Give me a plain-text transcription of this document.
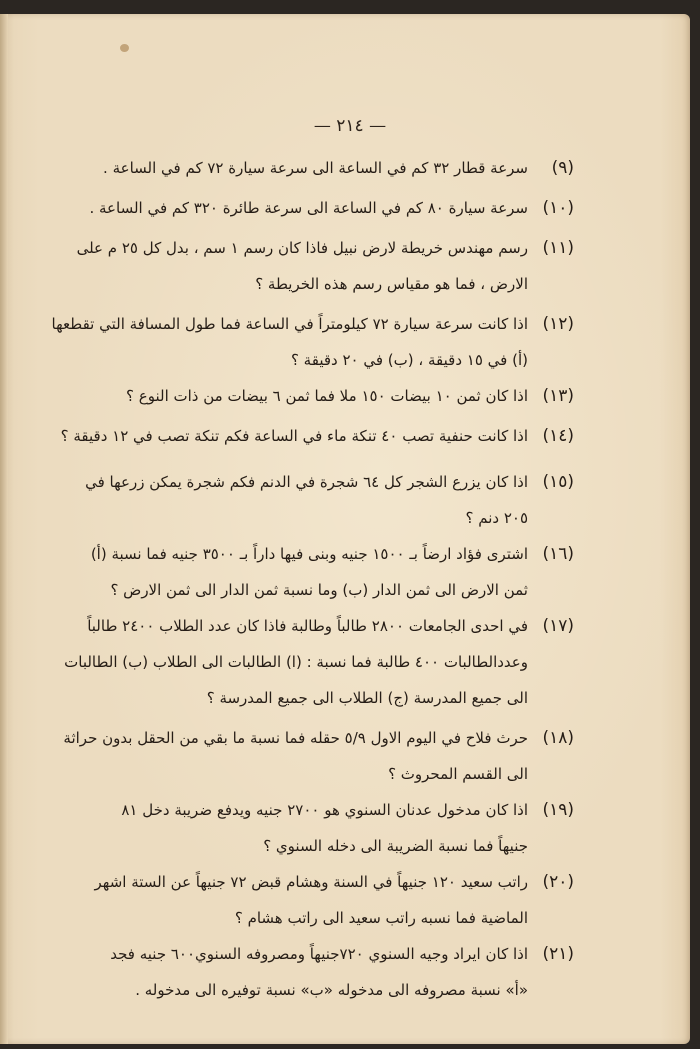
— ٢١٤ —
(٩)
سرعة قطار ٣٢ كم في الساعة الى سرعة سيارة ٧٢ كم في الساعة .
(١٠)
سرعة سيارة ٨٠ كم في الساعة الى سرعة طائرة ٣٢٠ كم في الساعة .
(١١)
رسم مهندس خريطة لارض نبيل فاذا كان رسم ١ سم ، بدل كل ٢٥ م على
الارض ، فما هو مقياس رسم هذه الخريطة ؟
(١٢)
اذا كانت سرعة سيارة ٧٢ كيلومتراً في الساعة فما طول المسافة التي تقطعها
(أ) في ١٥ دقيقة ، (ب) في ٢٠ دقيقة ؟
(١٣)
اذا كان ثمن ١٠ بيضات ١٥٠ ملا فما ثمن ٦ بيضات من ذات النوع ؟
(١٤)
اذا كانت حنفية تصب ٤٠ تنكة ماء في الساعة فكم تنكة تصب في ١٢ دقيقة ؟
(١٥)
اذا كان يزرع الشجر كل ٦٤ شجرة في الدنم فكم شجرة يمكن زرعها في
٢٠٥ دنم ؟
(١٦)
اشترى فؤاد ارضاً بـ ١٥٠٠ جنيه وبنى فيها داراً بـ ٣٥٠٠ جنيه فما نسبة (أ)
ثمن الارض الى ثمن الدار (ب) وما نسبة ثمن الدار الى ثمن الارض ؟
(١٧)
في احدى الجامعات ٢٨٠٠ طالباً وطالبة فاذا كان عدد الطلاب ٢٤٠٠ طالباً
وعددالطالبات ٤٠٠ طالبة فما نسبة : (ا) الطالبات الى الطلاب (ب) الطالبات
الى جميع المدرسة (ج) الطلاب الى جميع المدرسة ؟
(١٨)
حرث فلاح في اليوم الاول ٥/٩ حقله فما نسبة ما بقي من الحقل بدون حراثة
الى القسم المحروث ؟
(١٩)
اذا كان مدخول عدنان السنوي هو ٢٧٠٠ جنيه ويدفع ضريبة دخل ٨١
جنيهاً فما نسبة الضريبة الى دخله السنوي ؟
(٢٠)
راتب سعيد ١٢٠ جنيهاً في السنة وهشام قبض ٧٢ جنيهاً عن الستة اشهر
الماضية فما نسبه راتب سعيد الى راتب هشام ؟
(٢١)
اذا كان ايراد وجيه السنوي ٧٢٠جنيهاً ومصروفه السنوي٦٠٠ جنيه فجد
«أ» نسبة مصروفه الى مدخوله «ب» نسبة توفيره الى مدخوله .
